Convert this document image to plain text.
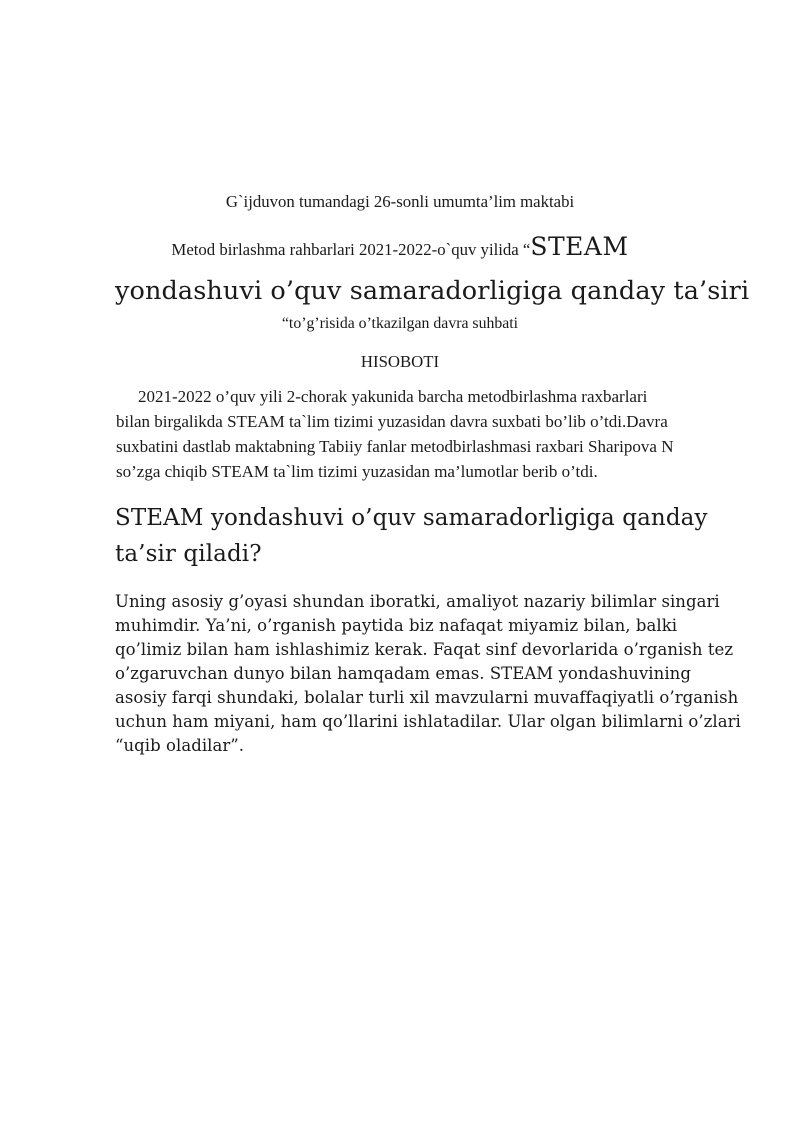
G`ijduvon tumandagi 26-sonli umumta’lim maktabi
Metod birlashma rahbarlari 2021-2022-o`quv yilida “STEAM
yondashuvi o’quv samaradorligiga qanday ta’siri
“to’g’risida o’tkazilgan davra suhbati
HISOBOTI
2021-2022 o’quv yili 2-chorak yakunida barcha metodbirlashma raxbarlari
bilan birgalikda STEAM ta`lim tizimi yuzasidan davra suxbati bo’lib o’tdi.Davra
suxbatini dastlab maktabning Tabiiy fanlar metodbirlashmasi raxbari Sharipova N
so’zga chiqib STEAM ta`lim tizimi yuzasidan ma’lumotlar berib o’tdi.
STEAM yondashuvi o’quv samaradorligiga qanday
ta’sir qiladi?
Uning asosiy g’oyasi shundan iboratki, amaliyot nazariy bilimlar singari
muhimdir. Ya’ni, o’rganish paytida biz nafaqat miyamiz bilan, balki
qo’limiz bilan ham ishlashimiz kerak. Faqat sinf devorlarida o’rganish tez
o’zgaruvchan dunyo bilan hamqadam emas. STEAM yondashuvining
asosiy farqi shundaki, bolalar turli xil mavzularni muvaffaqiyatli o’rganish
uchun ham miyani, ham qo’llarini ishlatadilar. Ular olgan bilimlarni o’zlari
“uqib oladilar”.
